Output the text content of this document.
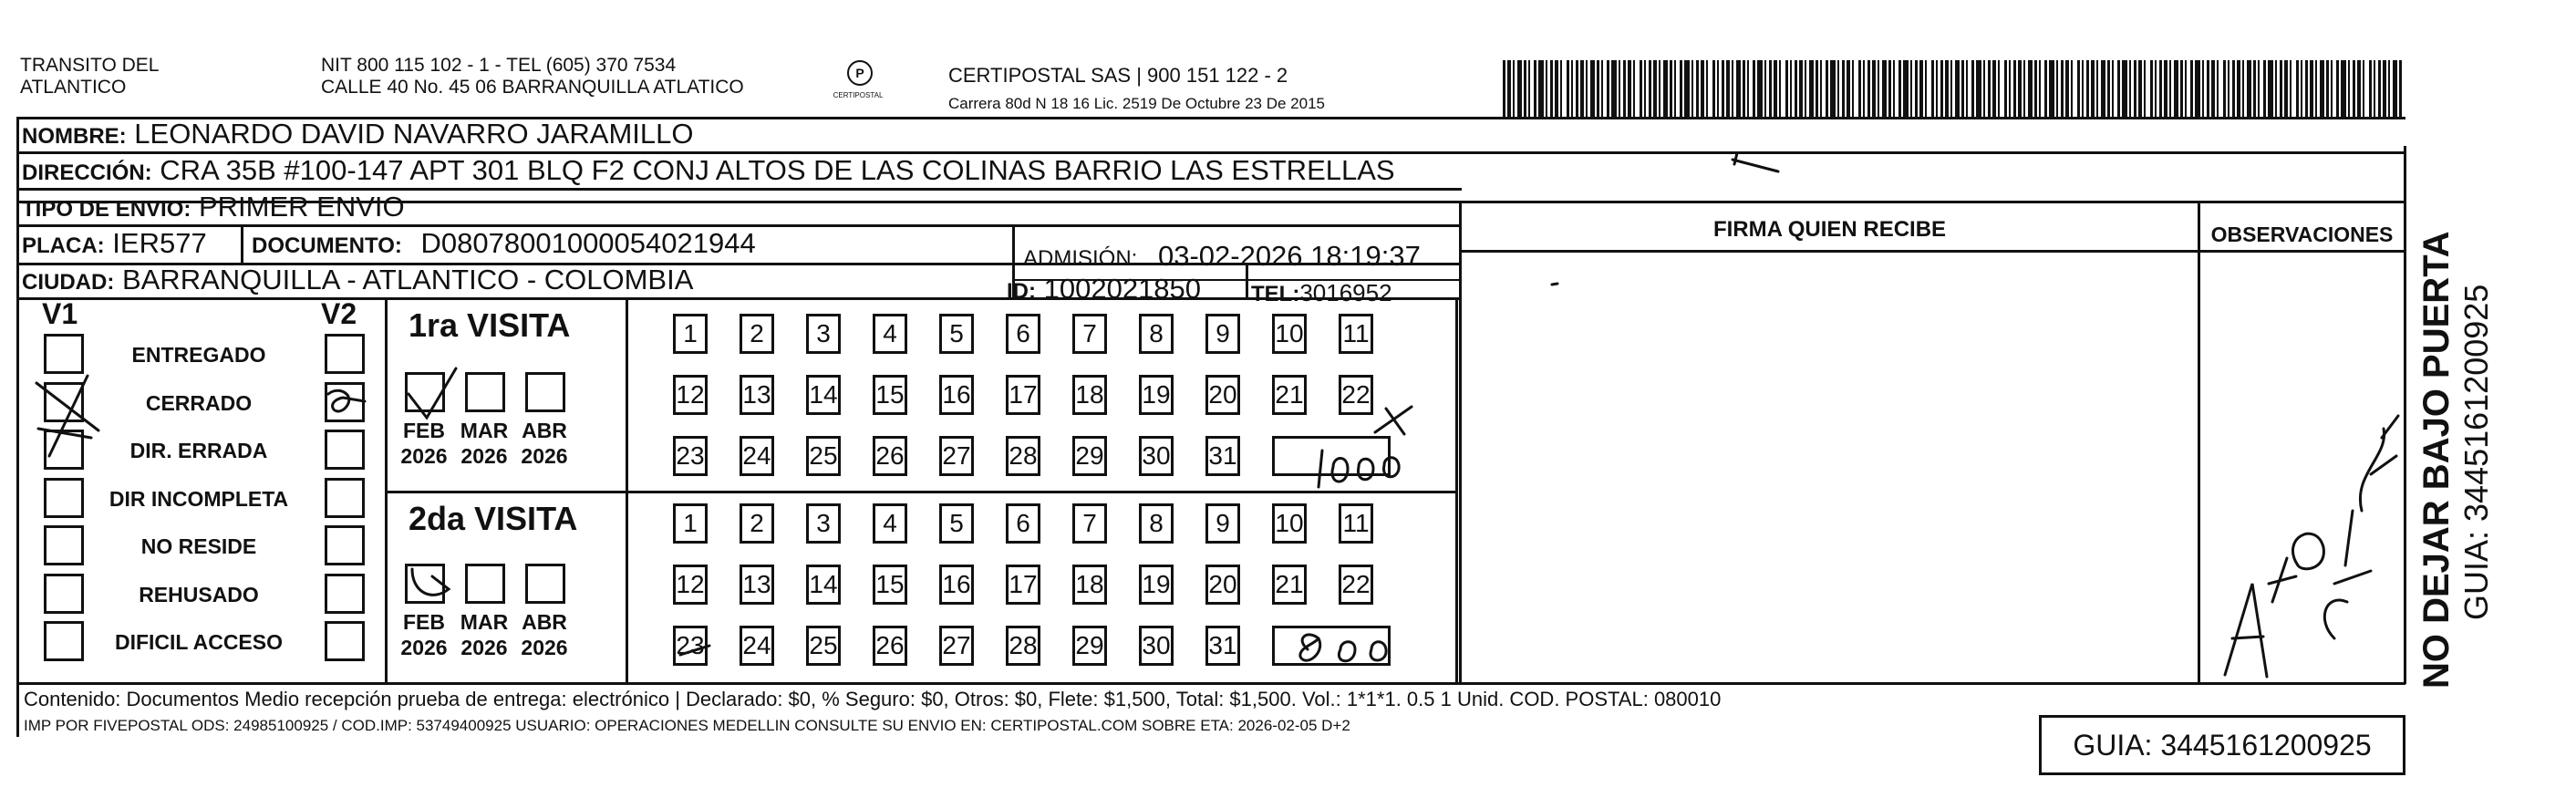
TRANSITO DEL
ATLANTICO
NIT 800 115 102 - 1 - TEL (605) 370 7534
CALLE 40 No. 45 06 BARRANQUILLA ATLATICO
P
CERTIPOSTAL
CERTIPOSTAL SAS | 900 151 122 - 2
Carrera 80d N 18 16 Lic. 2519 De Octubre 23 De 2015
NOMBRE: LEONARDO DAVID NAVARRO JARAMILLO
DIRECCIÓN: CRA 35B #100-147 APT 301 BLQ F2 CONJ ALTOS DE LAS COLINAS BARRIO LAS ESTRELLAS
TIPO DE ENVIO: PRIMER ENVIO
PLACA: IER577 DOCUMENTO: D08078001000054021944	ADMISIÓN: 03-02-2026 18:19:37
CIUDAD: BARRANQUILLA - ATLANTICO - COLOMBIA	ID: 1002021850 TEL:3016952
FIRMA QUIEN RECIBE	OBSERVACIONES NO DEJAR BAJO PUERTA GUIA: 3445161200925
V1	V2
ENTREGADO
CERRADO
DIR. ERRADA
DIR INCOMPLETA
NO RESIDE
REHUSADO
DIFICIL ACCESO
1ra VISITA
2da VISITA
FEB
2026
MAR
2026
ABR
2026
1	2	3	4	5	6	7	8	9	10 11
12 13 14 15 16 17 18 19 20 21 22
23 24 25 26 27 28 29 30 31
FEB
2026
MAR
2026
ABR
2026
1	2	3	4	5	6	7	8	9	10 11
12 13 14 15 16 17 18 19 20 21 22
23 24 25 26 27 28 29 30 31
Contenido: Documentos Medio recepción prueba de entrega: electrónico | Declarado: $0, % Seguro: $0, Otros: $0, Flete: $1,500, Total: $1,500. Vol.: 1*1*1. 0.5 1 Unid. COD. POSTAL: 080010
IMP POR FIVEPOSTAL ODS: 24985100925 / COD.IMP: 53749400925 USUARIO: OPERACIONES MEDELLIN CONSULTE SU ENVIO EN: CERTIPOSTAL.COM SOBRE ETA: 2026-02-05 D+2
GUIA: 3445161200925
